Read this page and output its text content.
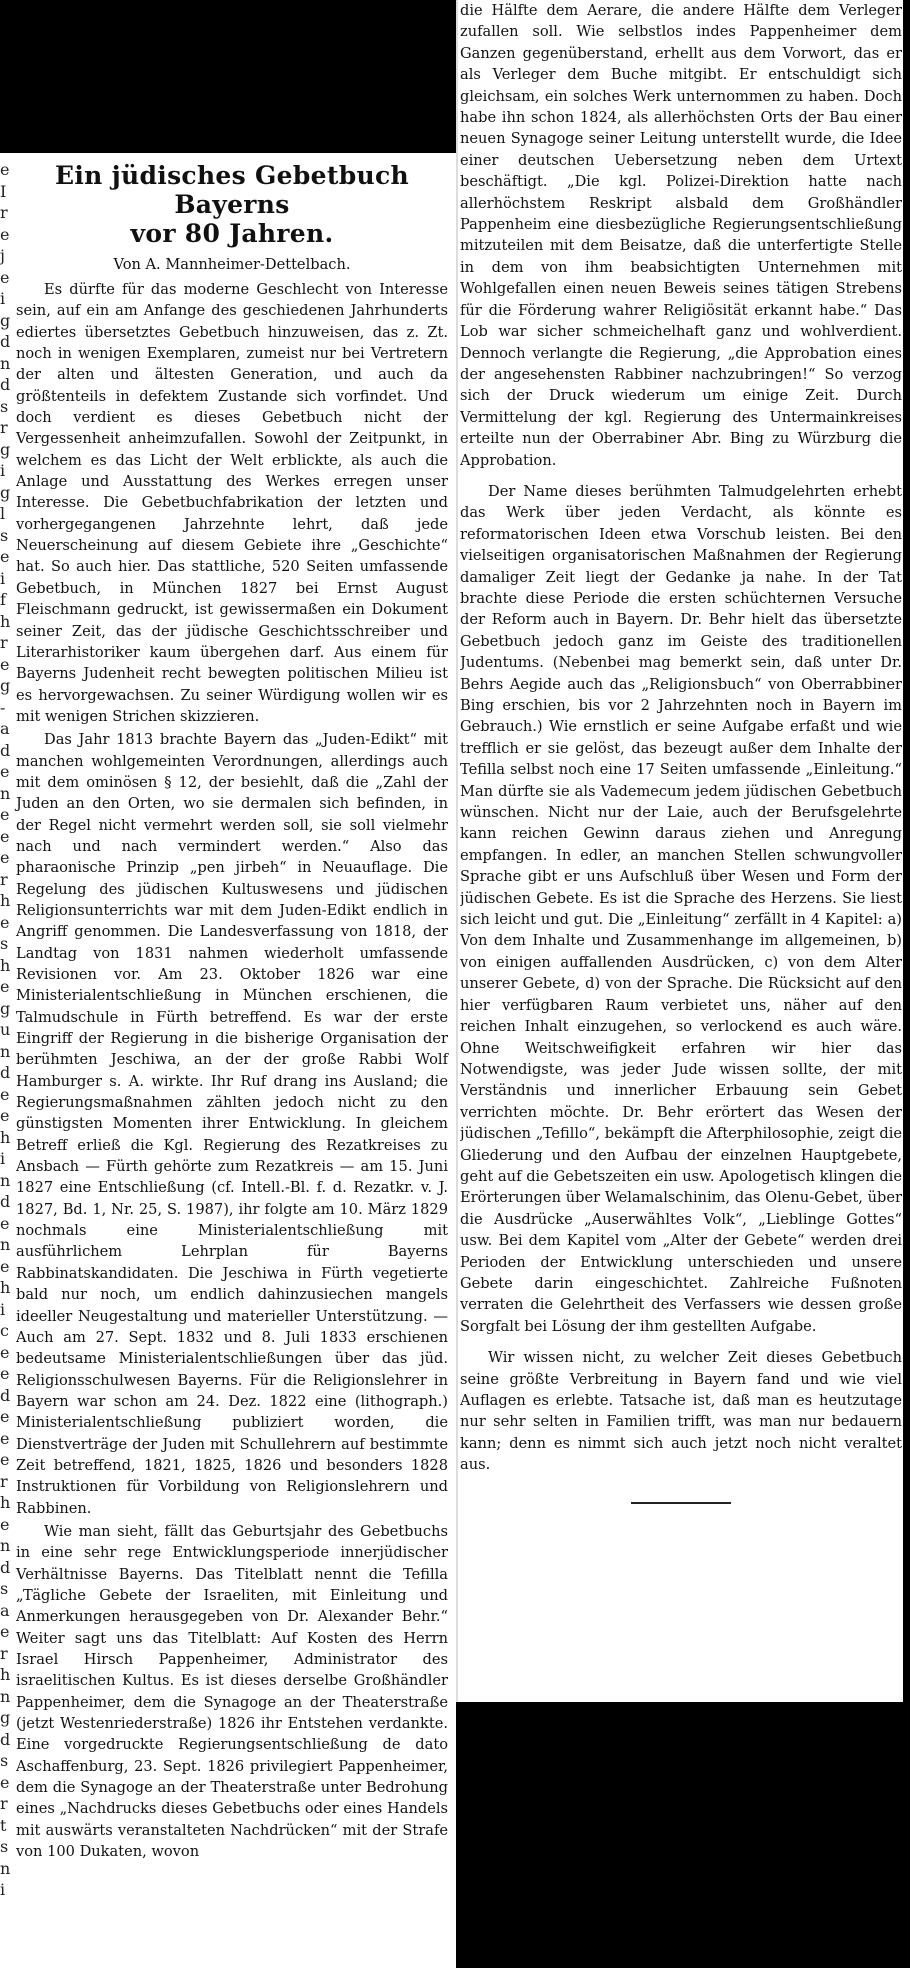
e
I
r
e
j
e
i
g
d
n
d
s
r
g
i
g
l
s
e
i
f
h
r
e
g
-
a
d
e
n
e
e
e
r
h
e
s
h
e
g
u
n
d
e
e
h
i
n
d
e
n
e
h
i
c
e
e
d
e
e
e
r
h
e
n
d
s
a
e
r
h
n
g
d
s
e
r
t
s
n
i
Ein jüdisches Gebetbuch Bayerns
vor 80 Jahren.
Von A. Mannheimer-Dettelbach.

Es dürfte für das moderne Geschlecht von Interesse sein, auf ein am Anfange des geschiedenen Jahrhunderts ediertes übersetztes Gebetbuch hinzuweisen, das z. Zt. noch in wenigen Exemplaren, zumeist nur bei Vertretern der alten und ältesten Generation, und auch da größtenteils in defektem Zustande sich vorfindet. Und doch verdient es dieses Gebetbuch nicht der Vergessenheit anheimzufallen. Sowohl der Zeitpunkt, in welchem es das Licht der Welt erblickte, als auch die Anlage und Ausstattung des Werkes erregen unser Interesse. Die Gebetbuchfabrikation der letzten und vorhergegangenen Jahrzehnte lehrt, daß jede Neuerscheinung auf diesem Gebiete ihre „Geschichte“ hat. So auch hier. Das stattliche, 520 Seiten umfassende Gebetbuch, in München 1827 bei Ernst August Fleischmann gedruckt, ist gewissermaßen ein Dokument seiner Zeit, das der jüdische Geschichtsschreiber und Literarhistoriker kaum übergehen darf. Aus einem für Bayerns Judenheit recht bewegten politischen Milieu ist es hervorgewachsen. Zu seiner Würdigung wollen wir es mit wenigen Strichen skizzieren.

Das Jahr 1813 brachte Bayern das „Juden-Edikt“ mit manchen wohlgemeinten Verordnungen, allerdings auch mit dem ominösen § 12, der besiehlt, daß die „Zahl der Juden an den Orten, wo sie dermalen sich befinden, in der Regel nicht vermehrt werden soll, sie soll vielmehr nach und nach vermindert werden.“ Also das pharaonische Prinzip „pen jirbeh“ in Neuauflage. Die Regelung des jüdischen Kultuswesens und jüdischen Religionsunterrichts war mit dem Juden-Edikt endlich in Angriff genommen. Die Landesverfassung von 1818, der Landtag von 1831 nahmen wiederholt umfassende Revisionen vor. Am 23. Oktober 1826 war eine Ministerialentschließung in München erschienen, die Talmudschule in Fürth betreffend. Es war der erste Eingriff der Regierung in die bisherige Organisation der berühmten Jeschiwa, an der der große Rabbi Wolf Hamburger s. A. wirkte. Ihr Ruf drang ins Ausland; die Regierungsmaßnahmen zählten jedoch nicht zu den günstigsten Momenten ihrer Entwicklung. In gleichem Betreff erließ die Kgl. Regierung des Rezatkreises zu Ansbach — Fürth gehörte zum Rezatkreis — am 15. Juni 1827 eine Entschließung (cf. Intell.-Bl. f. d. Rezatkr. v. J. 1827, Bd. 1, Nr. 25, S. 1987), ihr folgte am 10. März 1829 nochmals eine Ministerialentschließung mit ausführlichem Lehrplan für Bayerns Rabbinatskandidaten. Die Jeschiwa in Fürth vegetierte bald nur noch, um endlich dahinzusiechen mangels ideeller Neugestaltung und materieller Unterstützung. — Auch am 27. Sept. 1832 und 8. Juli 1833 erschienen bedeutsame Ministerialentschließungen über das jüd. Religionsschulwesen Bayerns. Für die Religionslehrer in Bayern war schon am 24. Dez. 1822 eine (lithograph.) Ministerialentschließung publiziert worden, die Dienstverträge der Juden mit Schullehrern auf bestimmte Zeit betreffend, 1821, 1825, 1826 und besonders 1828 Instruktionen für Vorbildung von Religionslehrern und Rabbinen.

Wie man sieht, fällt das Geburtsjahr des Gebetbuchs in eine sehr rege Entwicklungsperiode innerjüdischer Verhältnisse Bayerns. Das Titelblatt nennt die Tefilla „Tägliche Gebete der Israeliten, mit Einleitung und Anmerkungen herausgegeben von Dr. Alexander Behr.“ Weiter sagt uns das Titelblatt: Auf Kosten des Herrn Israel Hirsch Pappenheimer, Administrator des israelitischen Kultus. Es ist dieses derselbe Großhändler Pappenheimer, dem die Synagoge an der Theaterstraße (jetzt Westenriederstraße) 1826 ihr Entstehen verdankte. Eine vorgedruckte Regierungsentschließung de dato Aschaffenburg, 23. Sept. 1826 privilegiert Pappenheimer, dem die Synagoge an der Theaterstraße unter Bedrohung eines „Nachdrucks dieses Gebetbuchs oder eines Handels mit auswärts veranstalteten Nachdrücken“ mit der Strafe von 100 Dukaten, wovon

die Hälfte dem Aerare, die andere Hälfte dem Verleger zufallen soll. Wie selbstlos indes Pappenheimer dem Ganzen gegenüberstand, erhellt aus dem Vorwort, das er als Verleger dem Buche mitgibt. Er entschuldigt sich gleichsam, ein solches Werk unternommen zu haben. Doch habe ihn schon 1824, als allerhöchsten Orts der Bau einer neuen Synagoge seiner Leitung unterstellt wurde, die Idee einer deutschen Uebersetzung neben dem Urtext beschäftigt. „Die kgl. Polizei-Direktion hatte nach allerhöchstem Reskript alsbald dem Großhändler Pappenheim eine diesbezügliche Regierungsentschließung mitzuteilen mit dem Beisatze, daß die unterfertigte Stelle in dem von ihm beabsichtigten Unternehmen mit Wohlgefallen einen neuen Beweis seines tätigen Strebens für die Förderung wahrer Religiösität erkannt habe.“ Das Lob war sicher schmeichelhaft ganz und wohlverdient. Dennoch verlangte die Regierung, „die Approbation eines der angesehensten Rabbiner nachzubringen!“ So verzog sich der Druck wiederum um einige Zeit. Durch Vermittelung der kgl. Regierung des Untermainkreises erteilte nun der Oberrabiner Abr. Bing zu Würzburg die Approbation.

Der Name dieses berühmten Talmudgelehrten erhebt das Werk über jeden Verdacht, als könnte es reformatorischen Ideen etwa Vorschub leisten. Bei den vielseitigen organisatorischen Maßnahmen der Regierung damaliger Zeit liegt der Gedanke ja nahe. In der Tat brachte diese Periode die ersten schüchternen Versuche der Reform auch in Bayern. Dr. Behr hielt das übersetzte Gebetbuch jedoch ganz im Geiste des traditionellen Judentums. (Nebenbei mag bemerkt sein, daß unter Dr. Behrs Aegide auch das „Religionsbuch“ von Oberrabbiner Bing erschien, bis vor 2 Jahrzehnten noch in Bayern im Gebrauch.) Wie ernstlich er seine Aufgabe erfaßt und wie trefflich er sie gelöst, das bezeugt außer dem Inhalte der Tefilla selbst noch eine 17 Seiten umfassende „Einleitung.“ Man dürfte sie als Vademecum jedem jüdischen Gebetbuch wünschen. Nicht nur der Laie, auch der Berufsgelehrte kann reichen Gewinn daraus ziehen und Anregung empfangen. In edler, an manchen Stellen schwungvoller Sprache gibt er uns Aufschluß über Wesen und Form der jüdischen Gebete. Es ist die Sprache des Herzens. Sie liest sich leicht und gut. Die „Einleitung“ zerfällt in 4 Kapitel: a) Von dem Inhalte und Zusammenhange im allgemeinen, b) von einigen auffallenden Ausdrücken, c) von dem Alter unserer Gebete, d) von der Sprache. Die Rücksicht auf den hier verfügbaren Raum verbietet uns, näher auf den reichen Inhalt einzugehen, so verlockend es auch wäre. Ohne Weitschweifigkeit erfahren wir hier das Notwendigste, was jeder Jude wissen sollte, der mit Verständnis und innerlicher Erbauung sein Gebet verrichten möchte. Dr. Behr erörtert das Wesen der jüdischen „Tefillo“, bekämpft die Afterphilosophie, zeigt die Gliederung und den Aufbau der einzelnen Hauptgebete, geht auf die Gebetszeiten ein usw. Apologetisch klingen die Erörterungen über Welamalschinim, das Olenu-Gebet, über die Ausdrücke „Auserwähltes Volk“, „Lieblinge Gottes“ usw. Bei dem Kapitel vom „Alter der Gebete“ werden drei Perioden der Entwicklung unterschieden und unsere Gebete darin eingeschichtet. Zahlreiche Fußnoten verraten die Gelehrtheit des Verfassers wie dessen große Sorgfalt bei Lösung der ihm gestellten Aufgabe.

Wir wissen nicht, zu welcher Zeit dieses Gebetbuch seine größte Verbreitung in Bayern fand und wie viel Auflagen es erlebte. Tatsache ist, daß man es heutzutage nur sehr selten in Familien trifft, was man nur bedauern kann; denn es nimmt sich auch jetzt noch nicht veraltet aus.
